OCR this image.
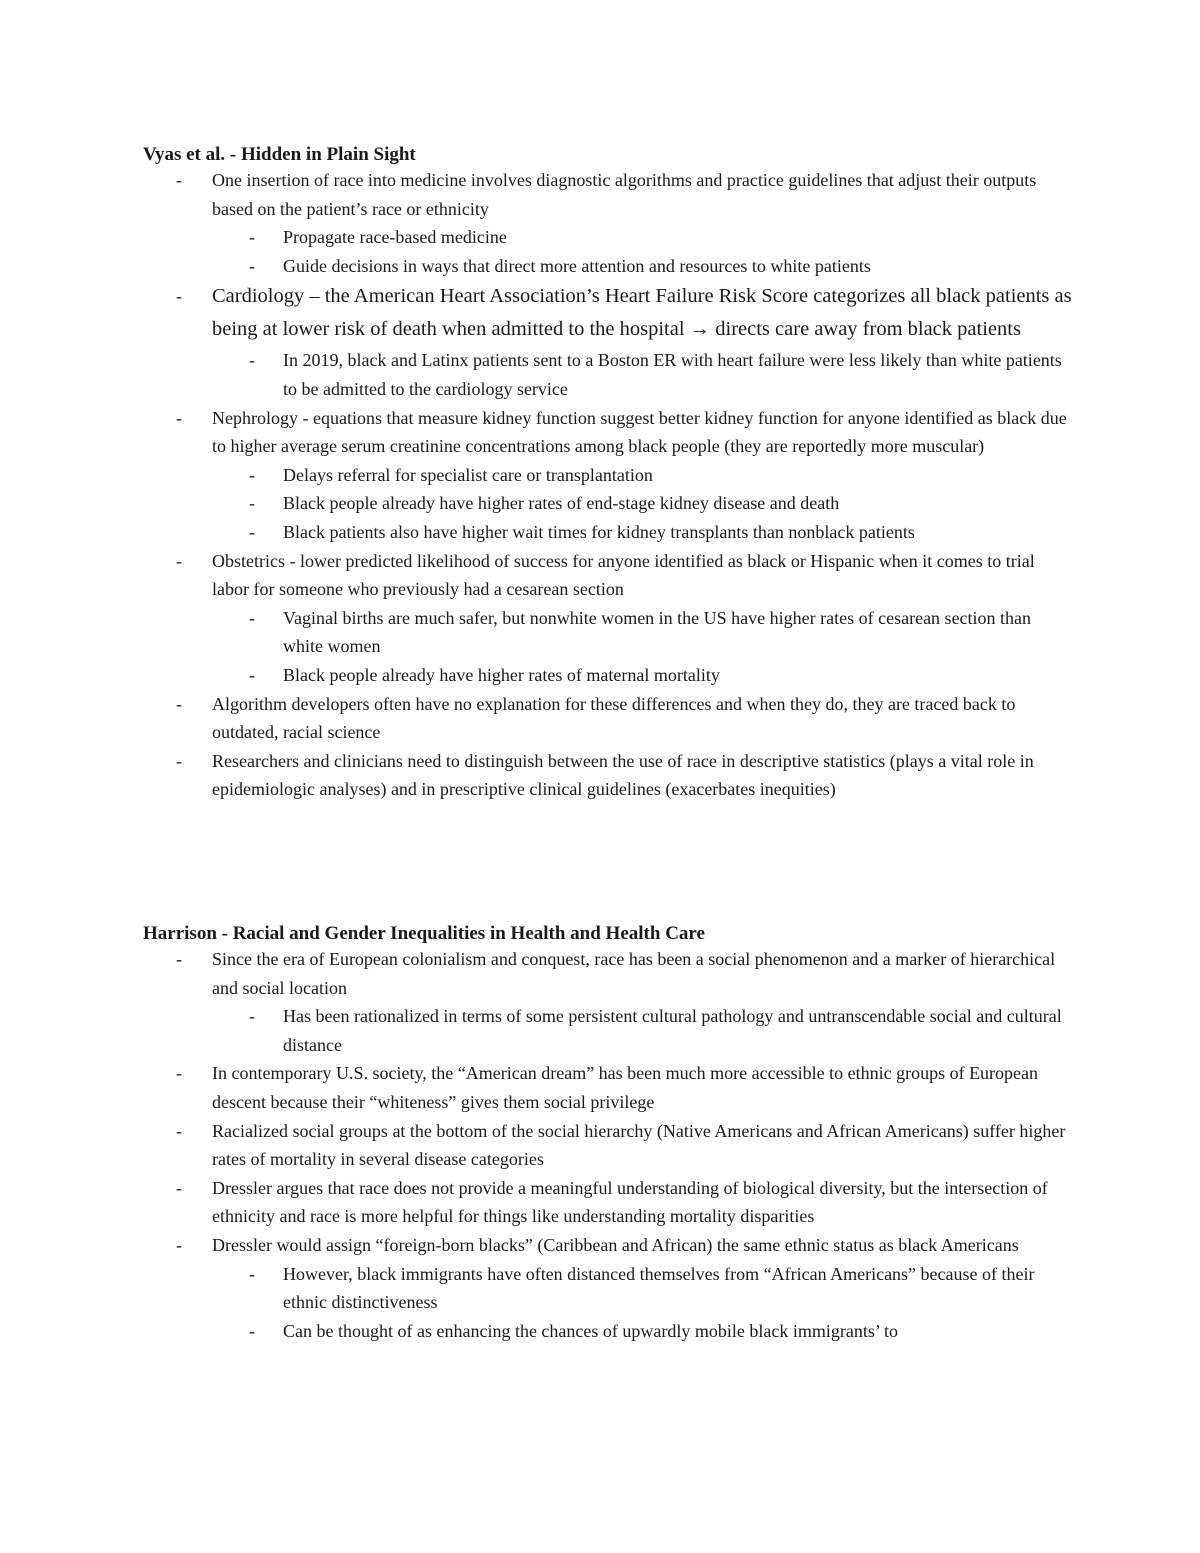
Vyas et al. - Hidden in Plain Sight
- One insertion of race into medicine involves diagnostic algorithms and practice guidelines that adjust their outputs based on the patient’s race or ethnicity
- Propagate race-based medicine
- Guide decisions in ways that direct more attention and resources to white patients
- Cardiology – the American Heart Association’s Heart Failure Risk Score categorizes all black patients as being at lower risk of death when admitted to the hospital → directs care away from black patients
- In 2019, black and Latinx patients sent to a Boston ER with heart failure were less likely than white patients to be admitted to the cardiology service
- Nephrology - equations that measure kidney function suggest better kidney function for anyone identified as black due to higher average serum creatinine concentrations among black people (they are reportedly more muscular)
- Delays referral for specialist care or transplantation
- Black people already have higher rates of end-stage kidney disease and death
- Black patients also have higher wait times for kidney transplants than nonblack patients
- Obstetrics - lower predicted likelihood of success for anyone identified as black or Hispanic when it comes to trial labor for someone who previously had a cesarean section
- Vaginal births are much safer, but nonwhite women in the US have higher rates of cesarean section than white women
- Black people already have higher rates of maternal mortality
- Algorithm developers often have no explanation for these differences and when they do, they are traced back to outdated, racial science
- Researchers and clinicians need to distinguish between the use of race in descriptive statistics (plays a vital role in epidemiologic analyses) and in prescriptive clinical guidelines (exacerbates inequities)
Harrison - Racial and Gender Inequalities in Health and Health Care
- Since the era of European colonialism and conquest, race has been a social phenomenon and a marker of hierarchical and social location
- Has been rationalized in terms of some persistent cultural pathology and untranscendable social and cultural distance
- In contemporary U.S. society, the “American dream” has been much more accessible to ethnic groups of European descent because their “whiteness” gives them social privilege
- Racialized social groups at the bottom of the social hierarchy (Native Americans and African Americans) suffer higher rates of mortality in several disease categories
- Dressler argues that race does not provide a meaningful understanding of biological diversity, but the intersection of ethnicity and race is more helpful for things like understanding mortality disparities
- Dressler would assign “foreign-born blacks” (Caribbean and African) the same ethnic status as black Americans
- However, black immigrants have often distanced themselves from “African Americans” because of their ethnic distinctiveness
- Can be thought of as enhancing the chances of upwardly mobile black immigrants’ to
